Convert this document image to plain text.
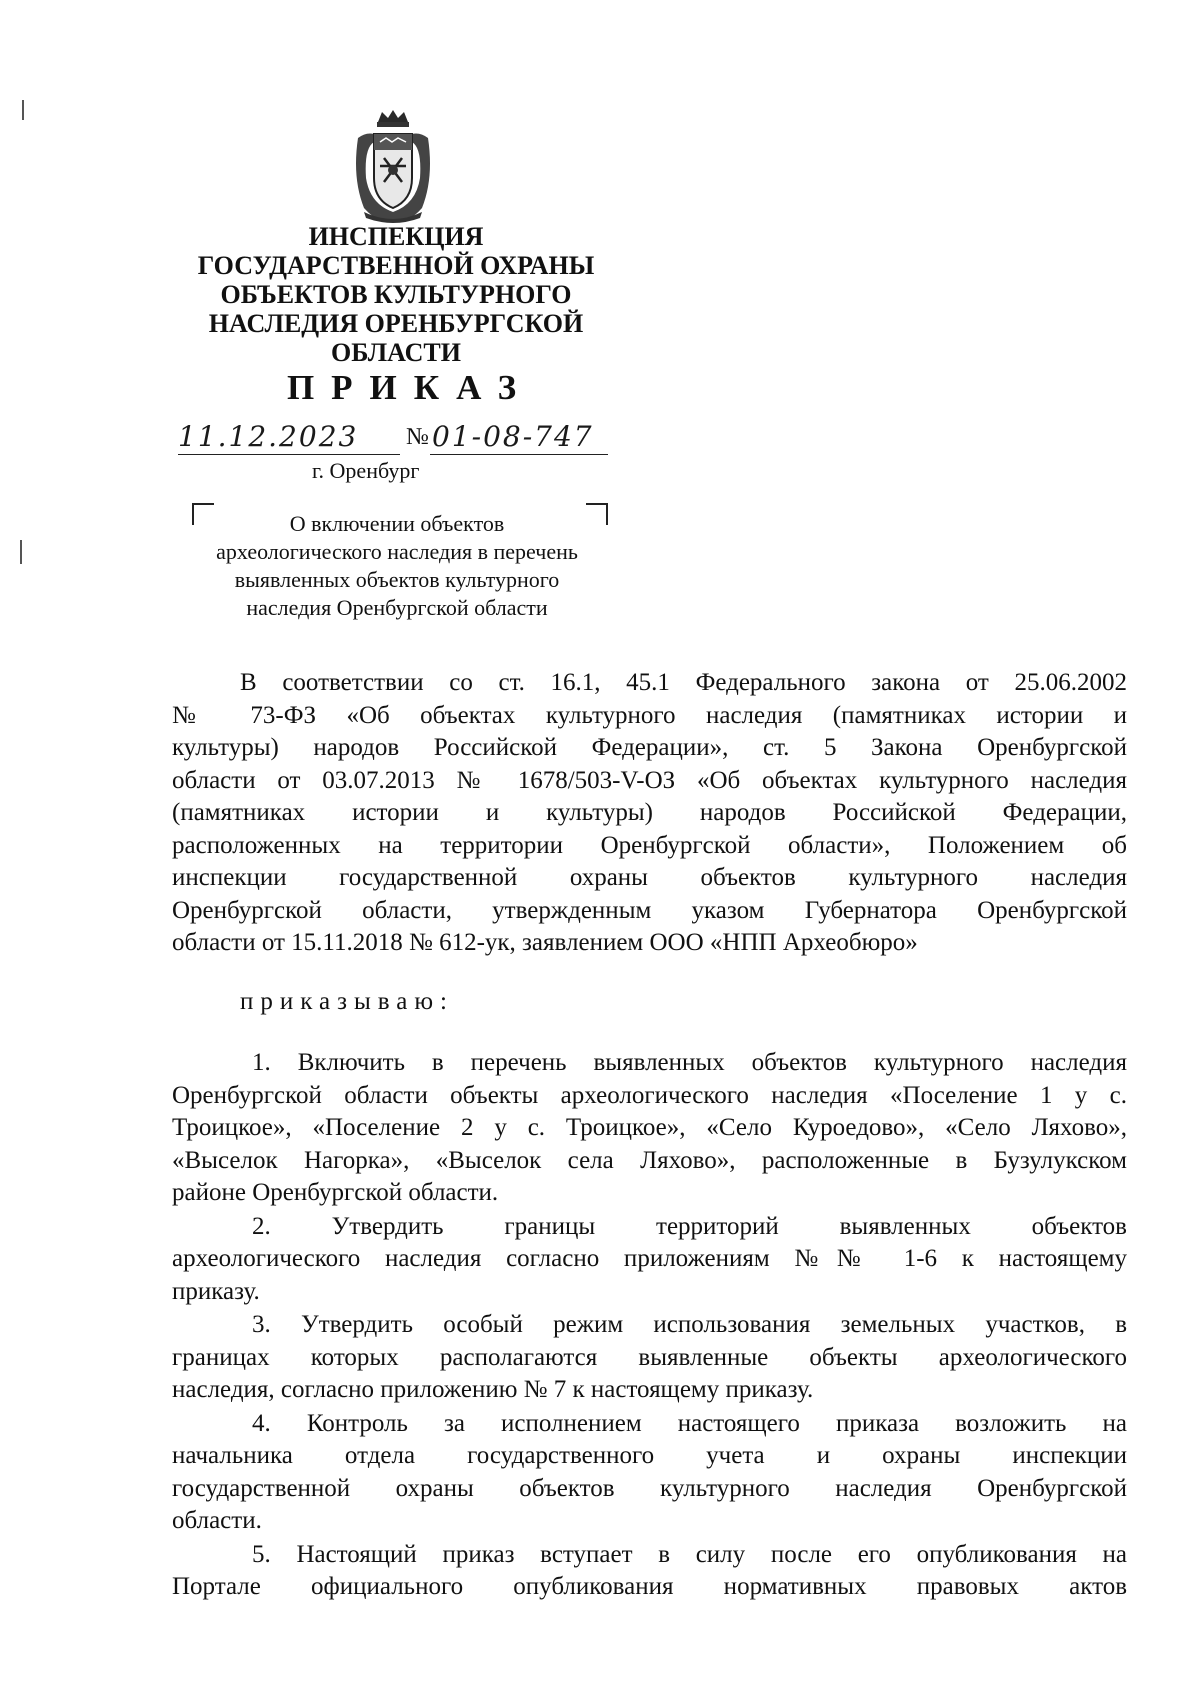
ИНСПЕКЦИЯ
ГОСУДАРСТВЕННОЙ ОХРАНЫ
ОБЪЕКТОВ КУЛЬТУРНОГО
НАСЛЕДИЯ ОРЕНБУРГСКОЙ
ОБЛАСТИ
ПРИКАЗ
11.12.2023 № 01-08-747
г. Оренбург
О включении объектов
археологического наследия в перечень
выявленных объектов культурного
наследия Оренбургской области
В соответствии со ст. 16.1, 45.1 Федерального закона от 25.06.2002
№ 73-ФЗ «Об объектах культурного наследия (памятниках истории и
культуры) народов Российской Федерации», ст. 5 Закона Оренбургской
области от 03.07.2013 № 1678/503-V-ОЗ «Об объектах культурного наследия
(памятниках истории и культуры) народов Российской Федерации,
расположенных на территории Оренбургской области», Положением об
инспекции государственной охраны объектов культурного наследия
Оренбургской области, утвержденным указом Губернатора Оренбургской
области от 15.11.2018 № 612-ук, заявлением ООО «НПП Археобюро»
приказываю:
1. Включить в перечень выявленных объектов культурного наследия
Оренбургской области объекты археологического наследия «Поселение 1 у с.
Троицкое», «Поселение 2 у с. Троицкое», «Село Куроедово», «Село Ляхово»,
«Выселок Нагорка», «Выселок села Ляхово», расположенные в Бузулукском
районе Оренбургской области.
2. Утвердить границы территорий выявленных объектов
археологического наследия согласно приложениям №№ 1-6 к настоящему
приказу.
3. Утвердить особый режим использования земельных участков, в
границах которых располагаются выявленные объекты археологического
наследия, согласно приложению № 7 к настоящему приказу.
4. Контроль за исполнением настоящего приказа возложить на
начальника отдела государственного учета и охраны инспекции
государственной охраны объектов культурного наследия Оренбургской
области.
5. Настоящий приказ вступает в силу после его опубликования на
Портале официального опубликования нормативных правовых актов
